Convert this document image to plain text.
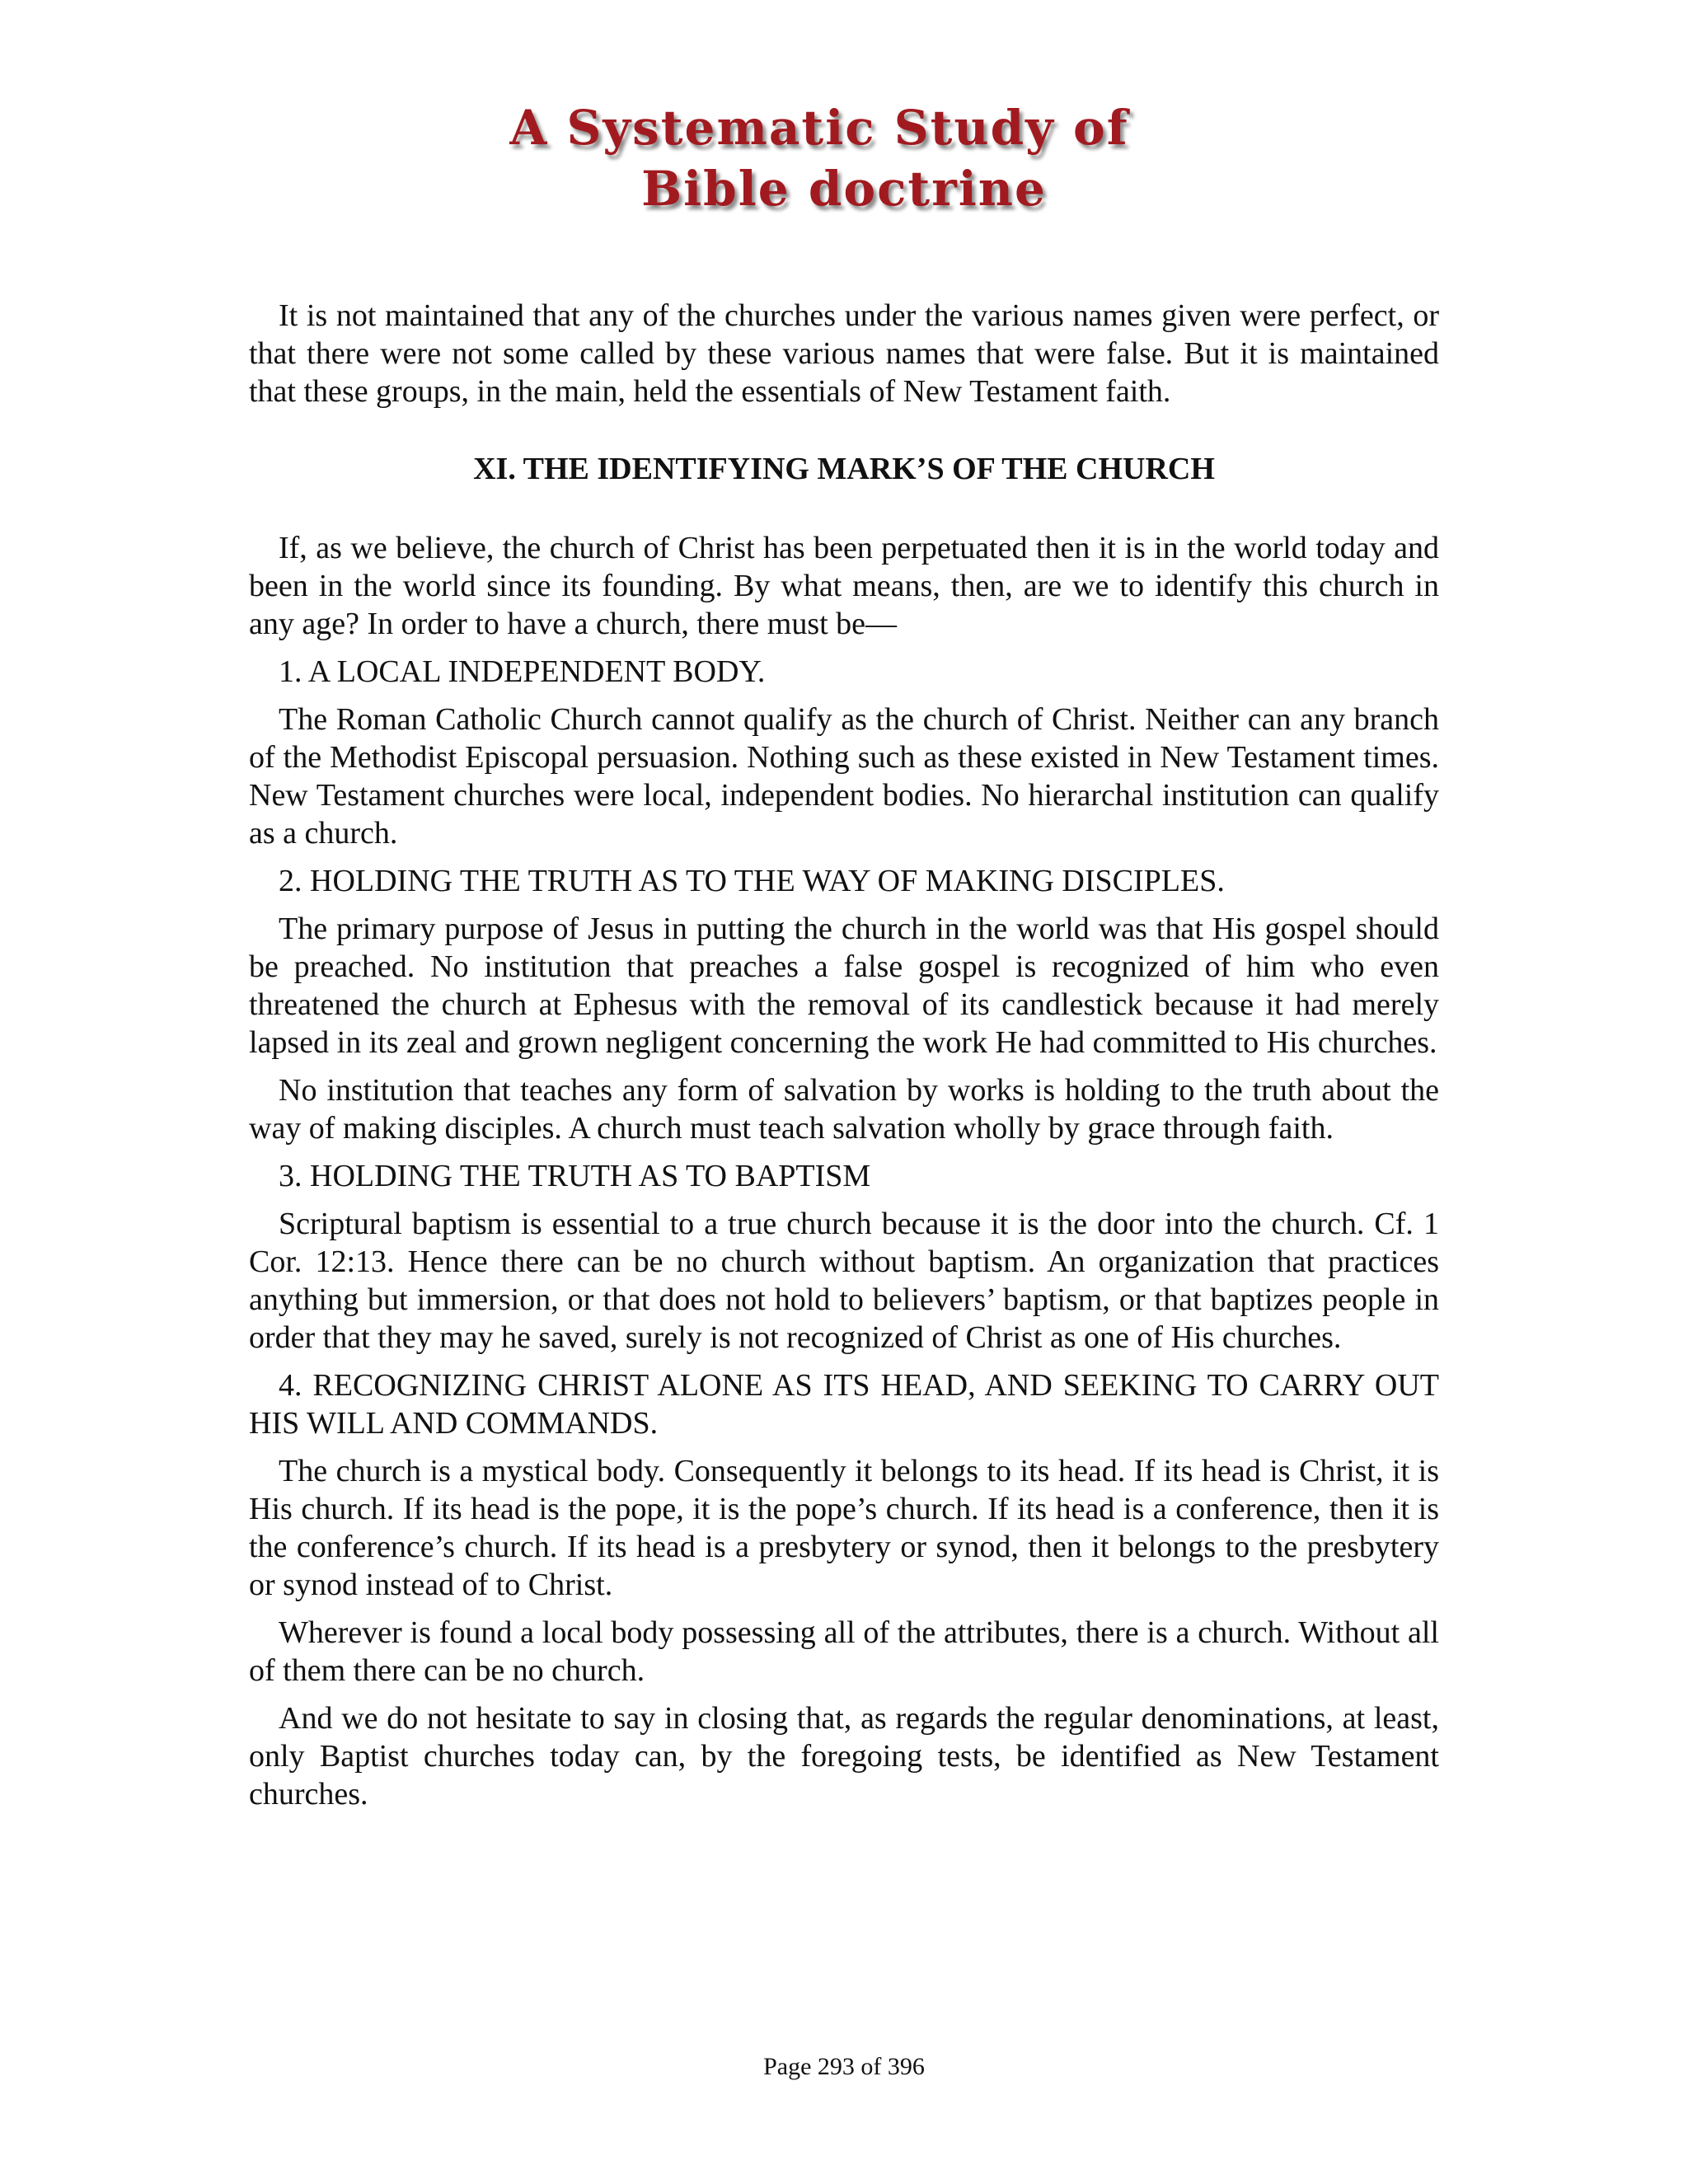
A Systematic Study of
Bible doctrine

It is not maintained that any of the churches under the various names given were perfect, or that there were not some called by these various names that were false. But it is maintained that these groups, in the main, held the essentials of New Testament faith.

XI. THE IDENTIFYING MARK’S OF THE CHURCH

If, as we believe, the church of Christ has been perpetuated then it is in the world today and been in the world since its founding. By what means, then, are we to identify this church in any age? In order to have a church, there must be—

1. A LOCAL INDEPENDENT BODY.

The Roman Catholic Church cannot qualify as the church of Christ. Neither can any branch of the Methodist Episcopal persuasion. Nothing such as these existed in New Testament times. New Testament churches were local, independent bodies. No hierarchal institution can qualify as a church.

2. HOLDING THE TRUTH AS TO THE WAY OF MAKING DISCIPLES.

The primary purpose of Jesus in putting the church in the world was that His gospel should be preached. No institution that preaches a false gospel is recognized of him who even threatened the church at Ephesus with the removal of its candlestick because it had merely lapsed in its zeal and grown negligent concerning the work He had committed to His churches.

No institution that teaches any form of salvation by works is holding to the truth about the way of making disciples. A church must teach salvation wholly by grace through faith.

3. HOLDING THE TRUTH AS TO BAPTISM

Scriptural baptism is essential to a true church because it is the door into the church. Cf. 1 Cor. 12:13. Hence there can be no church without baptism. An organization that practices anything but immersion, or that does not hold to believers’ baptism, or that baptizes people in order that they may he saved, surely is not recognized of Christ as one of His churches.

4. RECOGNIZING CHRIST ALONE AS ITS HEAD, AND SEEKING TO CARRY OUT HIS WILL AND COMMANDS.

The church is a mystical body. Consequently it belongs to its head. If its head is Christ, it is His church. If its head is the pope, it is the pope’s church. If its head is a conference, then it is the conference’s church. If its head is a presbytery or synod, then it belongs to the presbytery or synod instead of to Christ.

Wherever is found a local body possessing all of the attributes, there is a church. Without all of them there can be no church.

And we do not hesitate to say in closing that, as regards the regular denominations, at least, only Baptist churches today can, by the foregoing tests, be identified as New Testament churches.

Page 293 of 396
